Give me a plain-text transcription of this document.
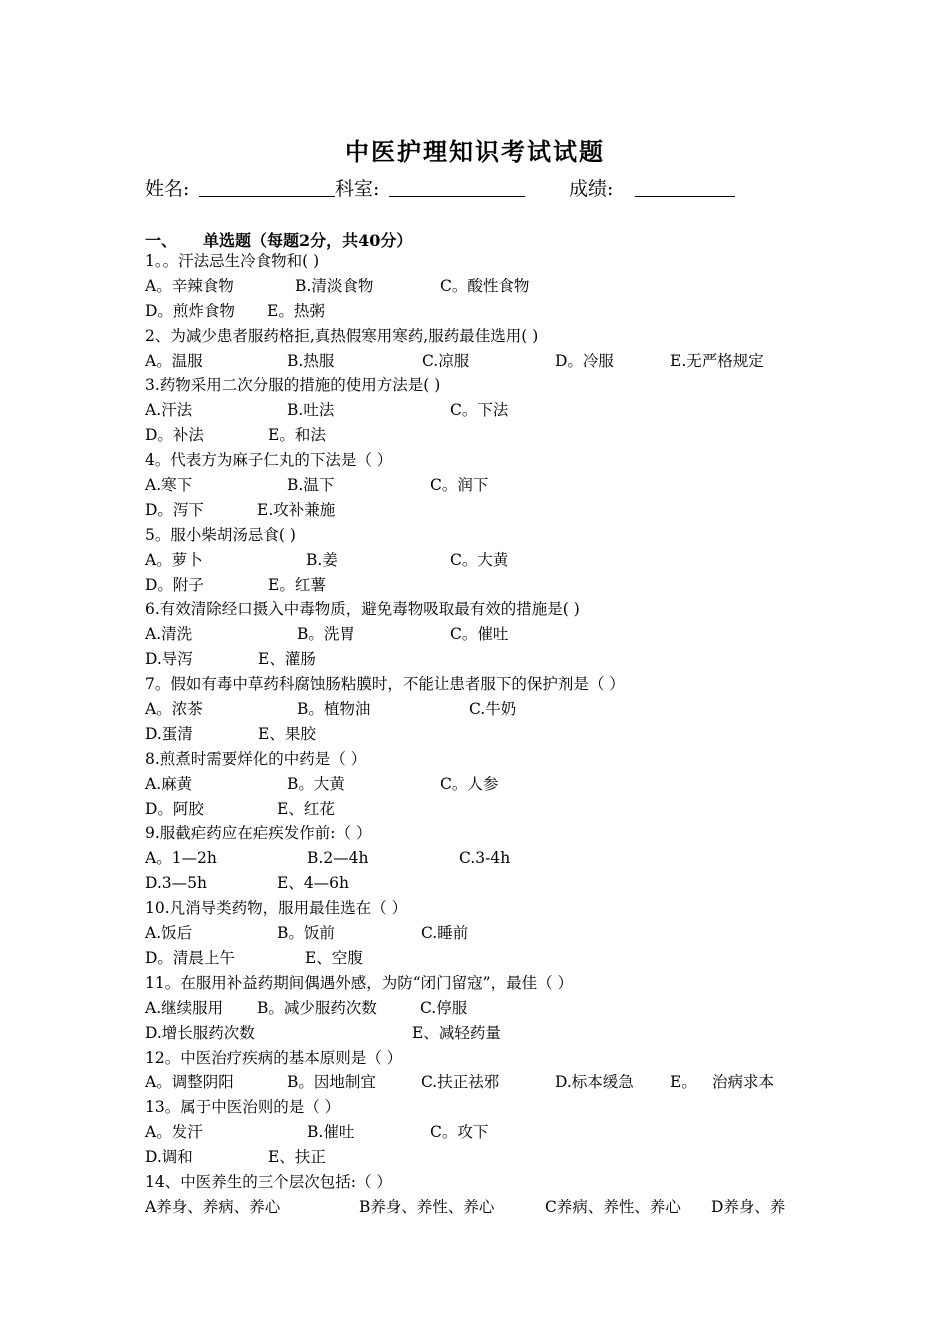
中医护理知识考试试题
姓名:	科室:	成绩:
一、 单选题（每题2分，共40分）
1。。汗法忌生冷食物和( )
A。辛辣食物	B.清淡食物	C。酸性食物
D。煎炸食物 E。热粥
2、为减少患者服药格拒,真热假寒用寒药,服药最佳选用( )
A。温服	B.热服	C.凉服	D。冷服	E.无严格规定
3.药物采用二次分服的措施的使用方法是( )
A.汗法	B.吐法	C。下法
D。补法	E。和法
4。代表方为麻子仁丸的下法是（ ）
A.寒下	B.温下	C。润下
D。泻下	E.攻补兼施
5。服小柴胡汤忌食( )
A。萝卜	B.姜	C。大黄
D。附子	E。红薯
6.有效清除经口摄入中毒物质，避免毒物吸取最有效的措施是( )
A.清洗	B。洗胃	C。催吐
D.导泻	E、灌肠
7。假如有毒中草药科腐蚀肠粘膜时，不能让患者服下的保护剂是（ ）
A。浓茶	B。植物油	C.牛奶
D.蛋清	E、果胶
8.煎煮时需要烊化的中药是（ ）
A.麻黄	B。大黄	C。人参
D。阿胶	E、红花
9.服截疟药应在疟疾发作前:（ ）
A。1—2h	B.2—4h	C.3-4h
D.3—5h	E、4—6h
10.凡消导类药物，服用最佳选在（ ）
A.饭后	B。饭前	C.睡前
D。清晨上午	E、空腹
11。在服用补益药期间偶遇外感，为防“闭门留寇”，最佳（ ）
A.继续服用 B。减少服药次数	C.停服
D.增长服药次数	E、减轻药量
12。中医治疗疾病的基本原则是（ ）
A。调整阴阳	B。因地制宜	C.扶正祛邪	D.标本缓急 E。 治病求本
13。属于中医治则的是（ ）
A。发汗	B.催吐	C。攻下
D.调和	E、扶正
14、中医养生的三个层次包括:（ ）
A养身、养病、养心	B养身、养性、养心	C养病、养性、养心 D养身、养
